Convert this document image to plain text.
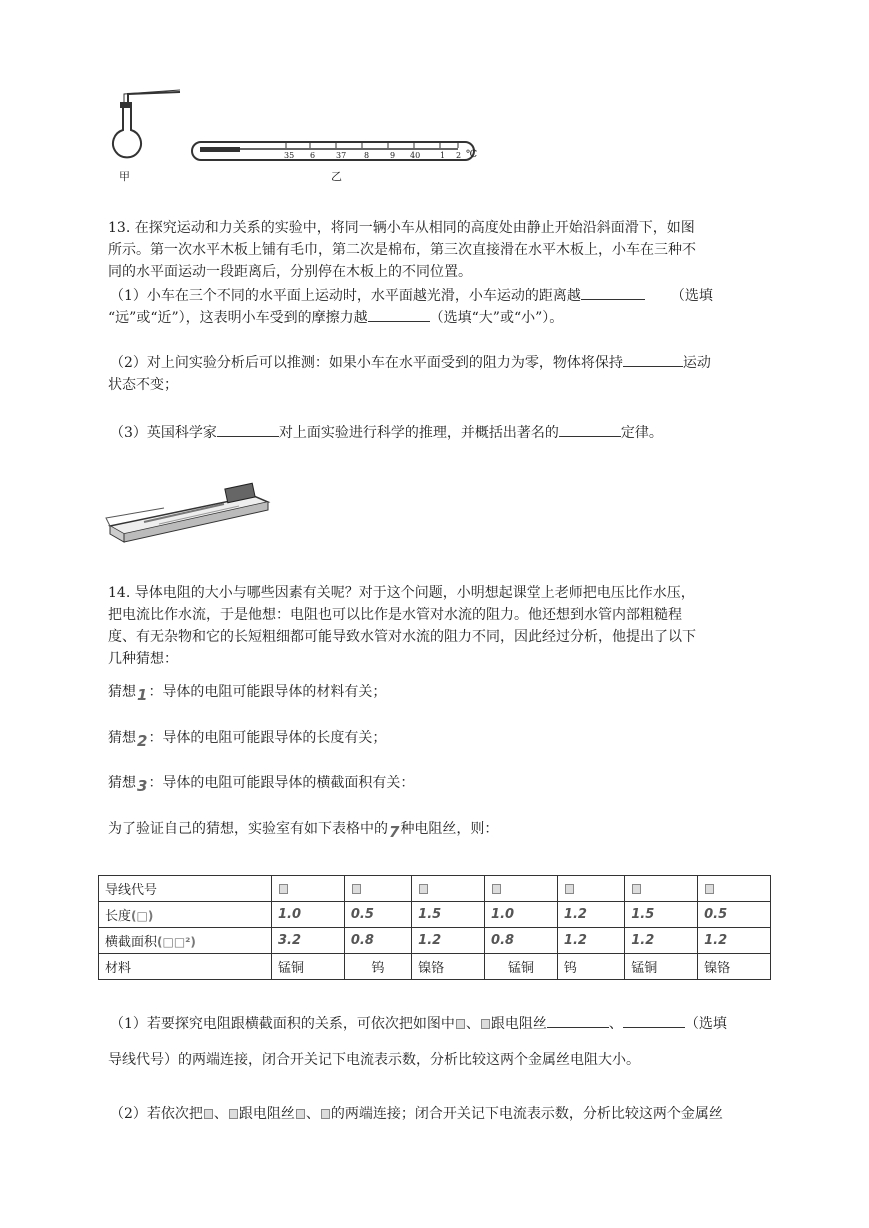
甲
35 6	37 8	9 40 1 2 ℃
乙
13. 在探究运动和力关系的实验中，将同一辆小车从相同的高度处由静止开始沿斜面滑下，如图
所示。第一次水平木板上铺有毛巾，第二次是棉布，第三次直接滑在水平木板上，小车在三种不
同的水平面运动一段距离后，分别停在木板上的不同位置。
（1）小车在三个不同的水平面上运动时，水平面越光滑，小车运动的距离越	（选填
“远”或“近”），这表明小车受到的摩擦力越	（选填“大”或“小”）。
（2）对上问实验分析后可以推测：如果小车在水平面受到的阻力为零，物体将保持	运动
状态不变；
（3）英国科学家	对上面实验进行科学的推理，并概括出著名的	定律。
14. 导体电阻的大小与哪些因素有关呢？对于这个问题，小明想起课堂上老师把电压比作水压，
把电流比作水流，于是他想：电阻也可以比作是水管对水流的阻力。他还想到水管内部粗糙程
度、有无杂物和它的长短粗细都可能导致水管对水流的阻力不同，因此经过分析，他提出了以下
几种猜想：
猜想1：导体的电阻可能跟导体的材料有关；
猜想2：导体的电阻可能跟导体的长度有关；
猜想3：导体的电阻可能跟导体的横截面积有关：
为了验证自己的猜想，实验室有如下表格中的7种电阻丝，则：
导线代号							
长度(□)	1.0	0.5	1.5	1.0	1.2	1.5	0.5
横截面积(□□²)	3.2	0.8	1.2	0.8	1.2	1.2	1.2
材料	锰铜	钨	镍铬	锰铜	钨	锰铜	镍铬
（1）若要探究电阻跟横截面积的关系，可依次把如图中 、 跟电阻丝	、	（选填
导线代号）的两端连接，闭合开关记下电流表示数，分析比较这两个金属丝电阻大小。
（2）若依次把 、 跟电阻丝 、 的两端连接；闭合开关记下电流表示数，分析比较这两个金属丝
